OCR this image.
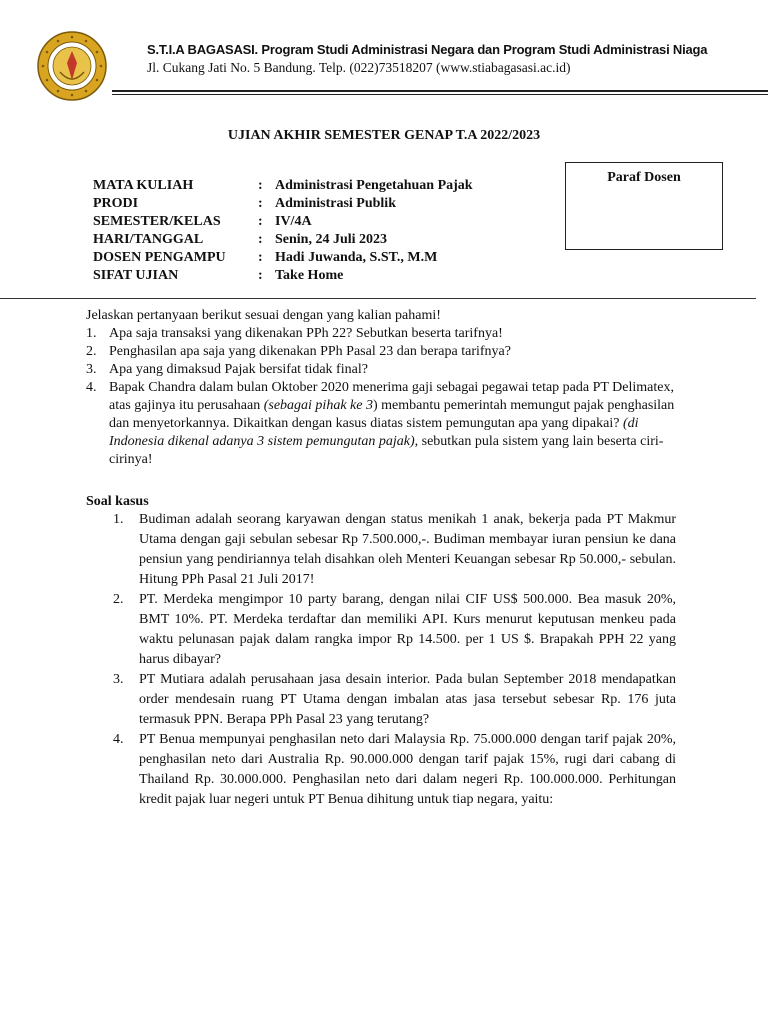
S.T.I.A BAGASASI. Program Studi Administrasi Negara dan Program Studi Administrasi Niaga
Jl. Cukang Jati No. 5 Bandung. Telp. (022)73518207 (www.stiabagasasi.ac.id)
UJIAN AKHIR SEMESTER GENAP T.A 2022/2023
Paraf Dosen
MATA KULIAH	: Administrasi Pengetahuan Pajak
PRODI	: Administrasi Publik
SEMESTER/KELAS	: IV/4A
HARI/TANGGAL	: Senin, 24 Juli 2023
DOSEN PENGAMPU	: Hadi Juwanda, S.ST., M.M
SIFAT UJIAN	: Take Home
Jelaskan pertanyaan berikut sesuai dengan yang kalian pahami!
1. Apa saja transaksi yang dikenakan PPh 22? Sebutkan beserta tarifnya!
2. Penghasilan apa saja yang dikenakan PPh Pasal 23 dan berapa tarifnya?
3. Apa yang dimaksud Pajak bersifat tidak final?
4. Bapak Chandra dalam bulan Oktober 2020 menerima gaji sebagai pegawai tetap pada PT Delimatex, atas gajinya itu perusahaan (sebagai pihak ke 3) membantu pemerintah memungut pajak penghasilan dan menyetorkannya. Dikaitkan dengan kasus diatas sistem pemungutan apa yang dipakai? (di Indonesia dikenal adanya 3 sistem pemungutan pajak), sebutkan pula sistem yang lain beserta ciri-cirinya!
Soal kasus
1.	Budiman adalah seorang karyawan dengan status menikah 1 anak, bekerja pada PT Makmur Utama dengan gaji sebulan sebesar Rp 7.500.000,-. Budiman membayar iuran pensiun ke dana pensiun yang pendiriannya telah disahkan oleh Menteri Keuangan sebesar Rp 50.000,- sebulan. Hitung PPh Pasal 21 Juli 2017!
2.	PT. Merdeka mengimpor 10 party barang, dengan nilai CIF US$ 500.000. Bea masuk 20%, BMT 10%. PT. Merdeka terdaftar dan memiliki API. Kurs menurut keputusan menkeu pada waktu pelunasan pajak dalam rangka impor Rp 14.500. per 1 US $. Brapakah PPH 22 yang harus dibayar?
3.	PT Mutiara adalah perusahaan jasa desain interior. Pada bulan September 2018 mendapatkan order mendesain ruang PT Utama dengan imbalan atas jasa tersebut sebesar Rp. 176 juta termasuk PPN. Berapa PPh Pasal 23 yang terutang?
4.	PT Benua mempunyai penghasilan neto dari Malaysia Rp. 75.000.000 dengan tarif pajak 20%, penghasilan neto dari Australia Rp. 90.000.000 dengan tarif pajak 15%, rugi dari cabang di Thailand Rp. 30.000.000. Penghasilan neto dari dalam negeri Rp. 100.000.000. Perhitungan kredit pajak luar negeri untuk PT Benua dihitung untuk tiap negara, yaitu:
